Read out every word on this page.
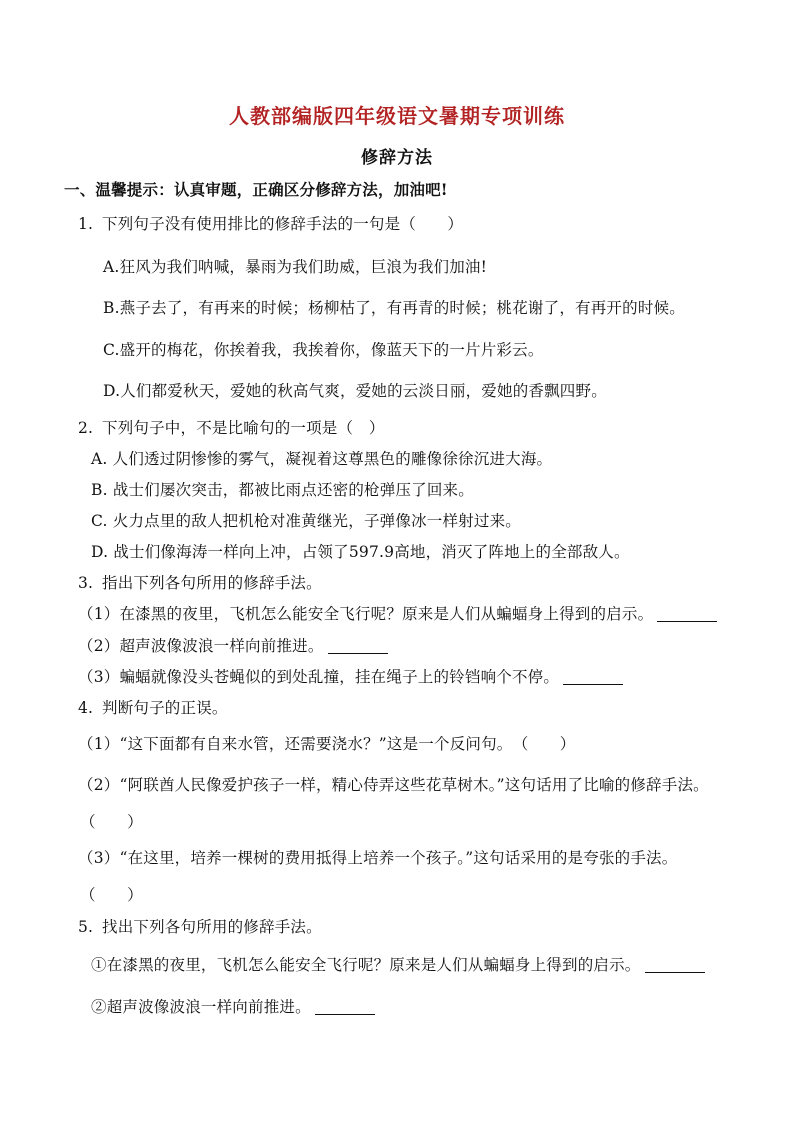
人教部编版四年级语文暑期专项训练
修辞方法
一、温馨提示：认真审题，正确区分修辞方法，加油吧!
1. 下列句子没有使用排比的修辞手法的一句是（　　）
A.狂风为我们呐喊，暴雨为我们助威，巨浪为我们加油!
B.燕子去了，有再来的时候；杨柳枯了，有再青的时候；桃花谢了，有再开的时候。
C.盛开的梅花，你挨着我，我挨着你，像蓝天下的一片片彩云。
D.人们都爱秋天，爱她的秋高气爽，爱她的云淡日丽，爱她的香飘四野。
2. 下列句子中，不是比喻句的一项是（　）
A. 人们透过阴惨惨的雾气，凝视着这尊黑色的雕像徐徐沉进大海。
B. 战士们屡次突击，都被比雨点还密的枪弹压了回来。
C. 火力点里的敌人把机枪对准黄继光，子弹像冰一样射过来。
D. 战士们像海涛一样向上冲，占领了597.9高地，消灭了阵地上的全部敌人。
3. 指出下列各句所用的修辞手法。
（1）在漆黑的夜里，飞机怎么能安全飞行呢？原来是人们从蝙蝠身上得到的启示。
（2）超声波像波浪一样向前推进。
（3）蝙蝠就像没头苍蝇似的到处乱撞，挂在绳子上的铃铛响个不停。
4. 判断句子的正误。
（1）“这下面都有自来水管，还需要浇水？”这是一个反问句。　（　　）
（2）“阿联酋人民像爱护孩子一样，精心侍弄这些花草树木。”这句话用了比喻的修辞手法。
（　　）
（3）“在这里，培养一棵树的费用抵得上培养一个孩子。”这句话采用的是夸张的手法。
（　　）
5. 找出下列各句所用的修辞手法。
①在漆黑的夜里，飞机怎么能安全飞行呢？原来是人们从蝙蝠身上得到的启示。
②超声波像波浪一样向前推进。
